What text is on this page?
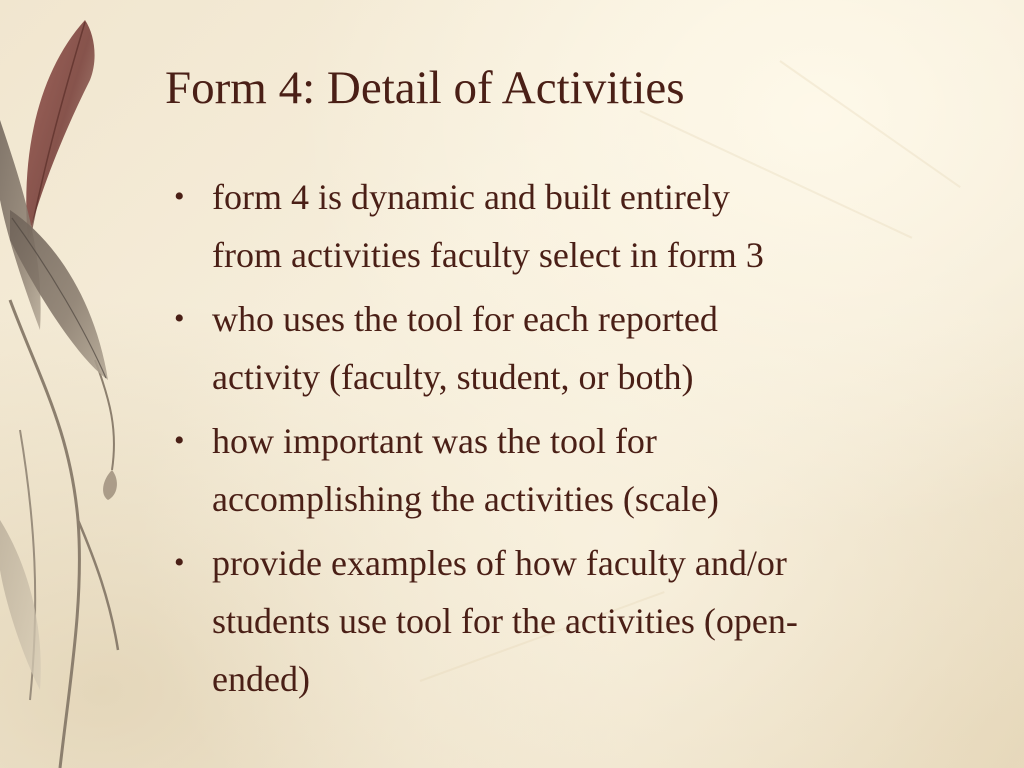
Form 4: Detail of Activities
• form 4 is dynamic and built entirely
from activities faculty select in form 3
• who uses the tool for each reported
activity (faculty, student, or both)
• how important was the tool for
accomplishing the activities (scale)
• provide examples of how faculty and/or
students use tool for the activities (open-
ended)
